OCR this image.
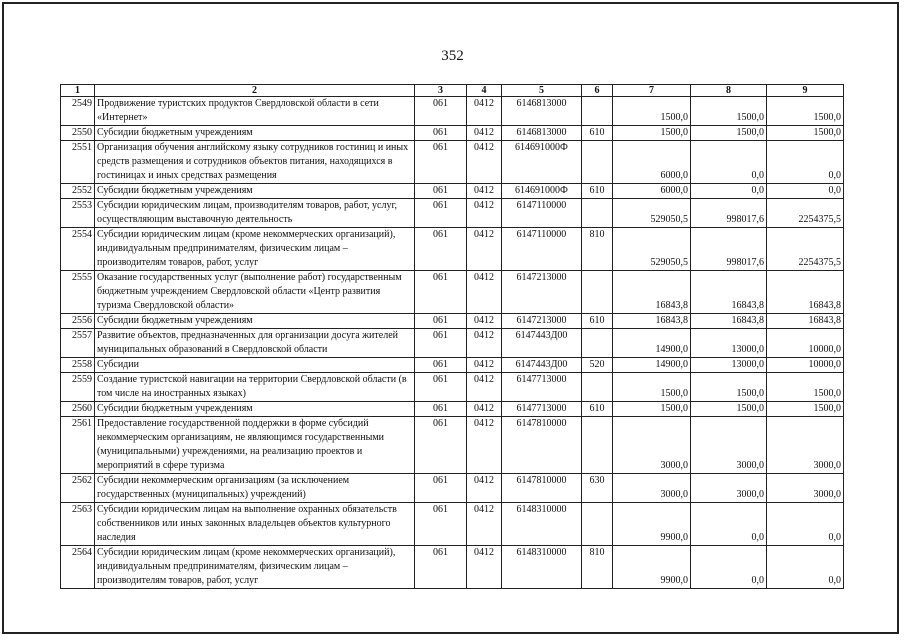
352
1	2	3	4	5	6	7	8	9
2549	Продвижение туристских продуктов Свердловской области в сети «Интернет»	061	0412	6146813000		1500,0	1500,0	1500,0
2550	Субсидии бюджетным учреждениям	061	0412	6146813000	610	1500,0	1500,0	1500,0
2551	Организация обучения английскому языку сотрудников гостиниц и иных средств размещения и сотрудников объектов питания, находящихся в гостиницах и иных средствах размещения	061	0412	614691000Ф		6000,0	0,0	0,0
2552	Субсидии бюджетным учреждениям	061	0412	614691000Ф	610	6000,0	0,0	0,0
2553	Субсидии юридическим лицам, производителям товаров, работ, услуг, осуществляющим выставочную деятельность	061	0412	6147110000		529050,5	998017,6	2254375,5
2554	Субсидии юридическим лицам (кроме некоммерческих организаций), индивидуальным предпринимателям, физическим лицам – производителям товаров, работ, услуг	061	0412	6147110000	810	529050,5	998017,6	2254375,5
2555	Оказание государственных услуг (выполнение работ) государственным бюджетным учреждением Свердловской области «Центр развития туризма Свердловской области»	061	0412	6147213000		16843,8	16843,8	16843,8
2556	Субсидии бюджетным учреждениям	061	0412	6147213000	610	16843,8	16843,8	16843,8
2557	Развитие объектов, предназначенных для организации досуга жителей муниципальных образований в Свердловской области	061	0412	6147443Д00		14900,0	13000,0	10000,0
2558	Субсидии	061	0412	6147443Д00	520	14900,0	13000,0	10000,0
2559	Создание туристской навигации на территории Свердловской области (в том числе на иностранных языках)	061	0412	6147713000		1500,0	1500,0	1500,0
2560	Субсидии бюджетным учреждениям	061	0412	6147713000	610	1500,0	1500,0	1500,0
2561	Предоставление государственной поддержки в форме субсидий некоммерческим организациям, не являющимся государственными (муниципальными) учреждениями, на реализацию проектов и мероприятий в сфере туризма	061	0412	6147810000		3000,0	3000,0	3000,0
2562	Субсидии некоммерческим организациям (за исключением государственных (муниципальных) учреждений)	061	0412	6147810000	630	3000,0	3000,0	3000,0
2563	Субсидии юридическим лицам на выполнение охранных обязательств собственников или иных законных владельцев объектов культурного наследия	061	0412	6148310000		9900,0	0,0	0,0
2564	Субсидии юридическим лицам (кроме некоммерческих организаций), индивидуальным предпринимателям, физическим лицам – производителям товаров, работ, услуг	061	0412	6148310000	810	9900,0	0,0	0,0
